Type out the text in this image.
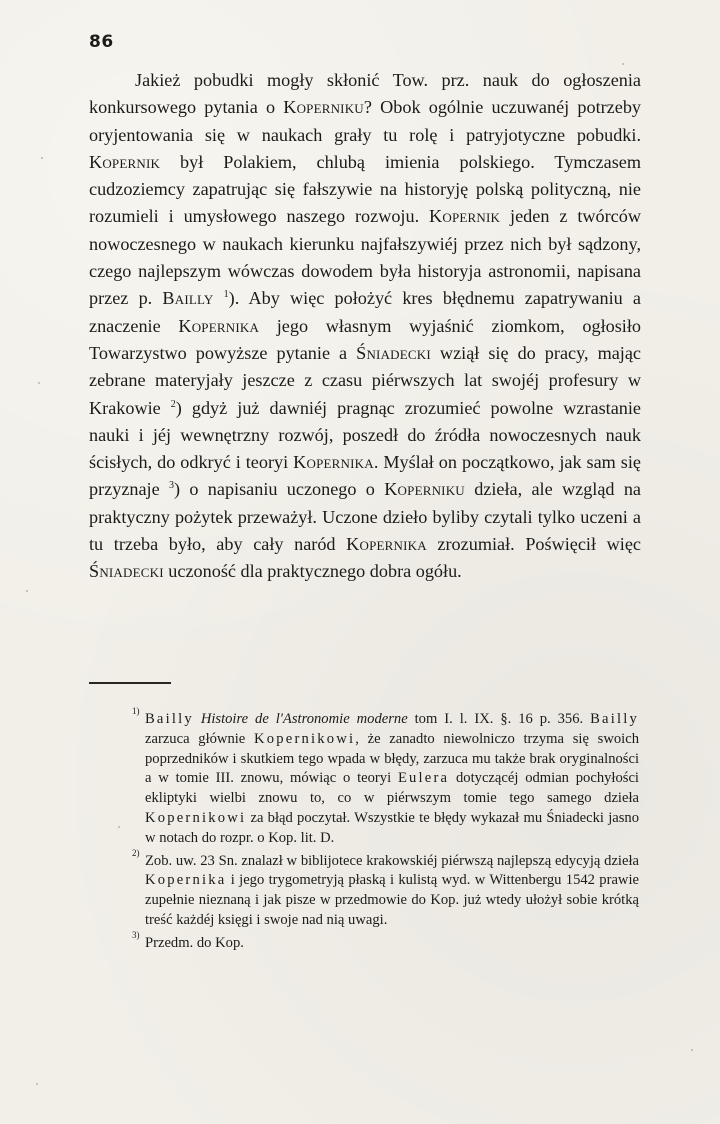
86

Jakież pobudki mogły skłonić Tow. prz. nauk do ogłoszenia konkursowego pytania o Koperniku? Obok ogólnie uczuwanéj potrzeby oryjentowania się w naukach grały tu rolę i patryjotyczne pobudki. Kopernik był Polakiem, chlubą imienia polskiego. Tymczasem cudzoziemcy zapatrując się fałszywie na historyję polską polityczną, nie rozumieli i umysłowego naszego rozwoju. Kopernik jeden z twórców nowoczesnego w naukach kierunku najfałszywiéj przez nich był sądzony, czego najlepszym wówczas dowodem była historyja astronomii, napisana przez p. Bailly $^1$). Aby więc położyć kres błędnemu zapatrywaniu a znaczenie Kopernika jego własnym wyjaśnić ziomkom, ogłosiło Towarzystwo powyższe pytanie a Śniadecki wziął się do pracy, mając zebrane materyjały jeszcze z czasu piérwszych lat swojéj profesury w Krakowie $^2$) gdyż już dawniéj pragnąc zrozumieć powolne wzrastanie nauki i jéj wewnętrzny rozwój, poszedł do źródła nowoczesnych nauk ścisłych, do odkryć i teoryi Kopernika. Myślał on początkowo, jak sam się przyznaje $^3$) o napisaniu uczonego o Koperniku dzieła, ale wzgląd na praktyczny pożytek przeważył. Uczone dzieło byliby czytali tylko uczeni a tu trzeba było, aby cały naród Kopernika zrozumiał. Poświęcił więc Śniadecki uczoność dla praktycznego dobra ogółu.

1) Bailly Histoire de l'Astronomie moderne tom I. l. IX. §. 16 p. 356. Bailly zarzuca głównie Kopernikowi, że zanadto niewolniczo trzyma się swoich poprzedników i skutkiem tego wpada w błędy, zarzuca mu także brak oryginalności a w tomie III. znowu, mówiąc o teoryi Eulera dotyczącéj odmian pochyłości ekliptyki wielbi znowu to, co w piérwszym tomie tego samego dzieła Kopernikowi za błąd poczytał. Wszystkie te błędy wykazał mu Śniadecki jasno w notach do rozpr. o Kop. lit. D.

2) Zob. uw. 23 Sn. znalazł w biblijotece krakowskiéj piérwszą najlepszą edycyją dzieła Kopernika i jego trygometryją płaską i kulistą wyd. w Wittenbergu 1542 prawie zupełnie nieznaną i jak pisze w przedmowie do Kop. już wtedy ułożył sobie krótką treść każdéj księgi i swoje nad nią uwagi.

3) Przedm. do Kop.
